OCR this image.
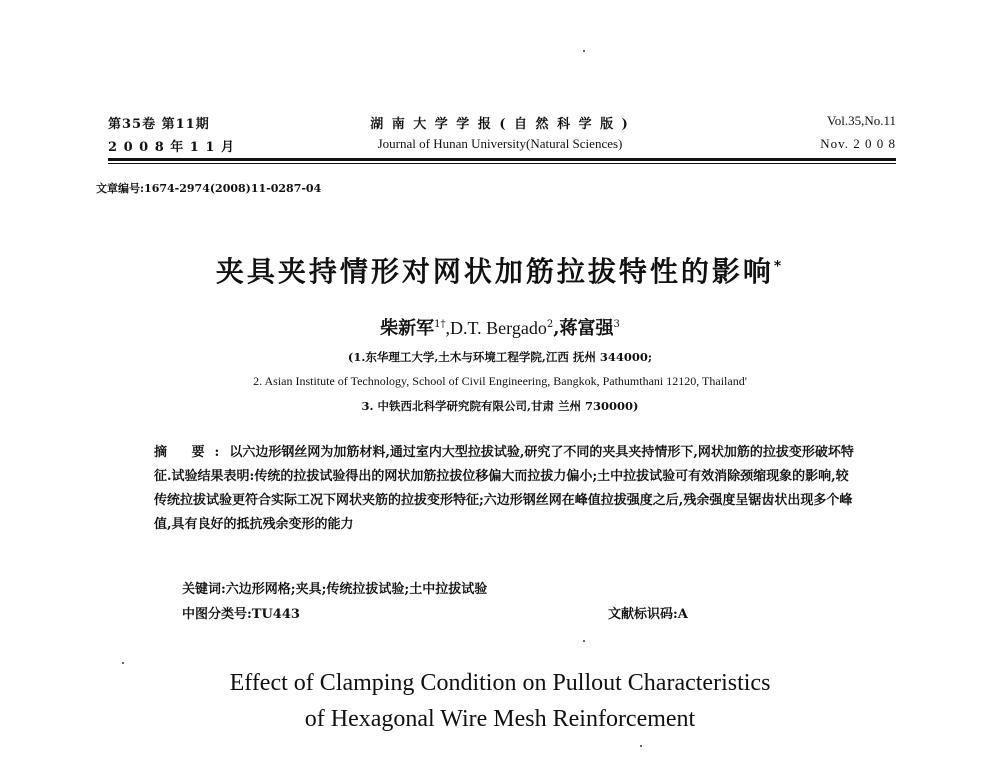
第35卷 第11期
2 0 0 8 年 1 1 月
湖 南 大 学 学 报 ( 自 然 科 学 版 )
Journal of Hunan University(Natural Sciences)
Vol.35,No.11
Nov. 2 0 0 8
文章编号:1674-2974(2008)11-0287-04
夹具夹持情形对网状加筋拉拔特性的影响*
柴新军$^{1\dagger}$,D.T. Bergado$^2$,蒋富强$^3$
(1.东华理工大学,土木与环境工程学院,江西 抚州 344000;
2. Asian Institute of Technology, School of Civil Engineering, Bangkok, Pathumthani 12120, Thailand'
3. 中铁西北科学研究院有限公司,甘肃 兰州 730000)
摘 要:以六边形钢丝网为加筋材料,通过室内大型拉拔试验,研究了不同的夹具夹持情形下,网状加筋的拉拔变形破坏特征.试验结果表明:传统的拉拔试验得出的网状加筋拉拔位移偏大而拉拔力偏小;土中拉拔试验可有效消除颈缩现象的影响,较传统拉拔试验更符合实际工况下网状夹筋的拉拔变形特征;六边形钢丝网在峰值拉拔强度之后,残余强度呈锯齿状出现多个峰值,具有良好的抵抗残余变形的能力
关键词:六边形网格;夹具;传统拉拔试验;土中拉拔试验
中图分类号:TU443	文献标识码:A
Effect of Clamping Condition on Pullout Characteristics
of Hexagonal Wire Mesh Reinforcement
